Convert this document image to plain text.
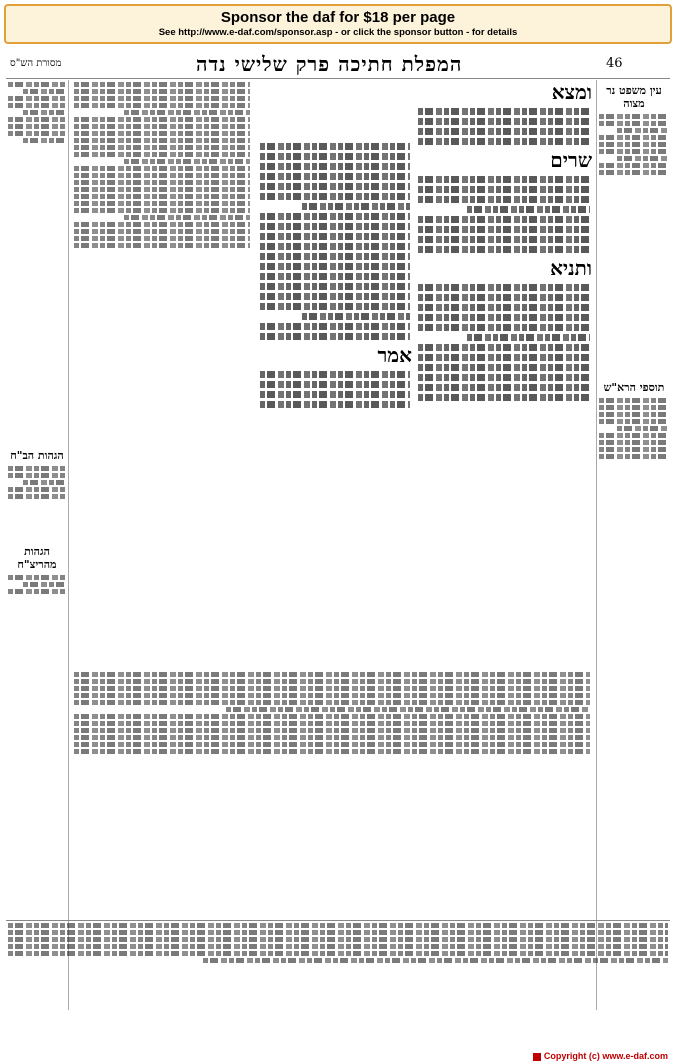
Sponsor the daf for $18 per page
See http://www.e-daf.com/sponsor.asp - or click the sponsor button - for details
מסורת הש"ס	המפלת חתיכה פרק שלישי נדה	46
הגהות הב"ח
הגהות מהריצ"ח
עין משפט נר מצוה
תוספי הרא"ש
ומצא
שרים
ותניא
אמר
Copyright (c) www.e-daf.com
